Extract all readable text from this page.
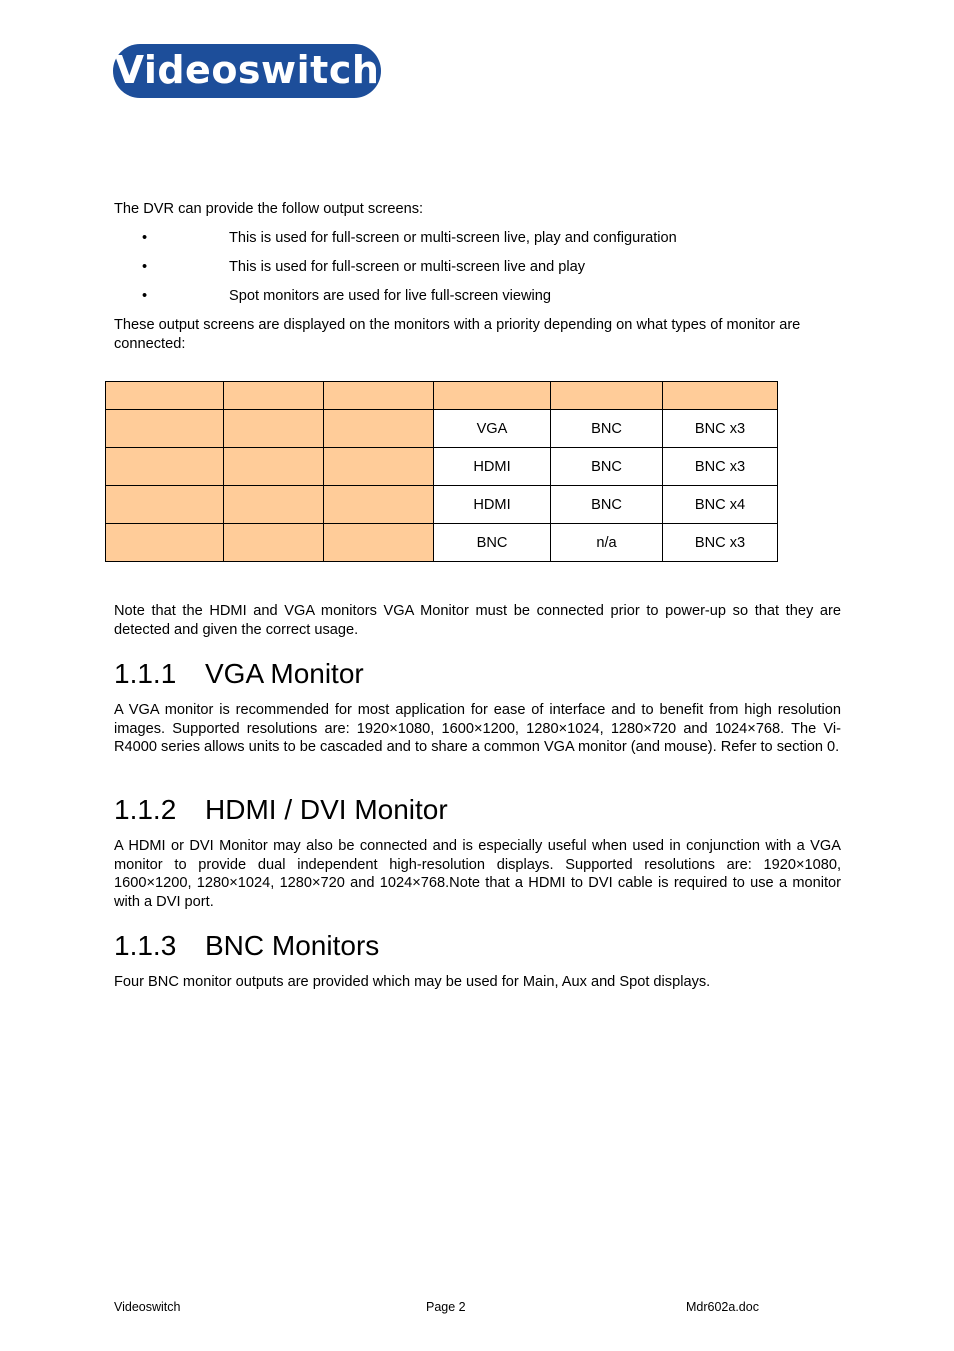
Videoswitch

The DVR can provide the follow output screens:

•	This is used for full-screen or multi-screen live, play and configuration
•	This is used for full-screen or multi-screen live and play
•	Spot monitors are used for live full-screen viewing

These output screens are displayed on the monitors with a priority depending on what types of monitor are connected:

			VGA	BNC	BNC x3
			HDMI	BNC	BNC x3
			HDMI	BNC	BNC x4
			BNC	n/a	BNC x3

Note that the HDMI and VGA monitors VGA Monitor must be connected prior to power-up so that they are detected and given the correct usage.

1.1.1 VGA Monitor

A VGA monitor is recommended for most application for ease of interface and to benefit from high resolution images. Supported resolutions are: 1920×1080, 1600×1200, 1280×1024, 1280×720 and 1024×768. The Vi-R4000 series allows units to be cascaded and to share a common VGA monitor (and mouse). Refer to section 0.

1.1.2 HDMI / DVI Monitor

A HDMI or DVI Monitor may also be connected and is especially useful when used in conjunction with a VGA monitor to provide dual independent high-resolution displays. Supported resolutions are: 1920×1080, 1600×1200, 1280×1024, 1280×720 and 1024×768.Note that a HDMI to DVI cable is required to use a monitor with a DVI port.

1.1.3 BNC Monitors

Four BNC monitor outputs are provided which may be used for Main, Aux and Spot displays.

Videoswitch	Page 2	Mdr602a.doc
